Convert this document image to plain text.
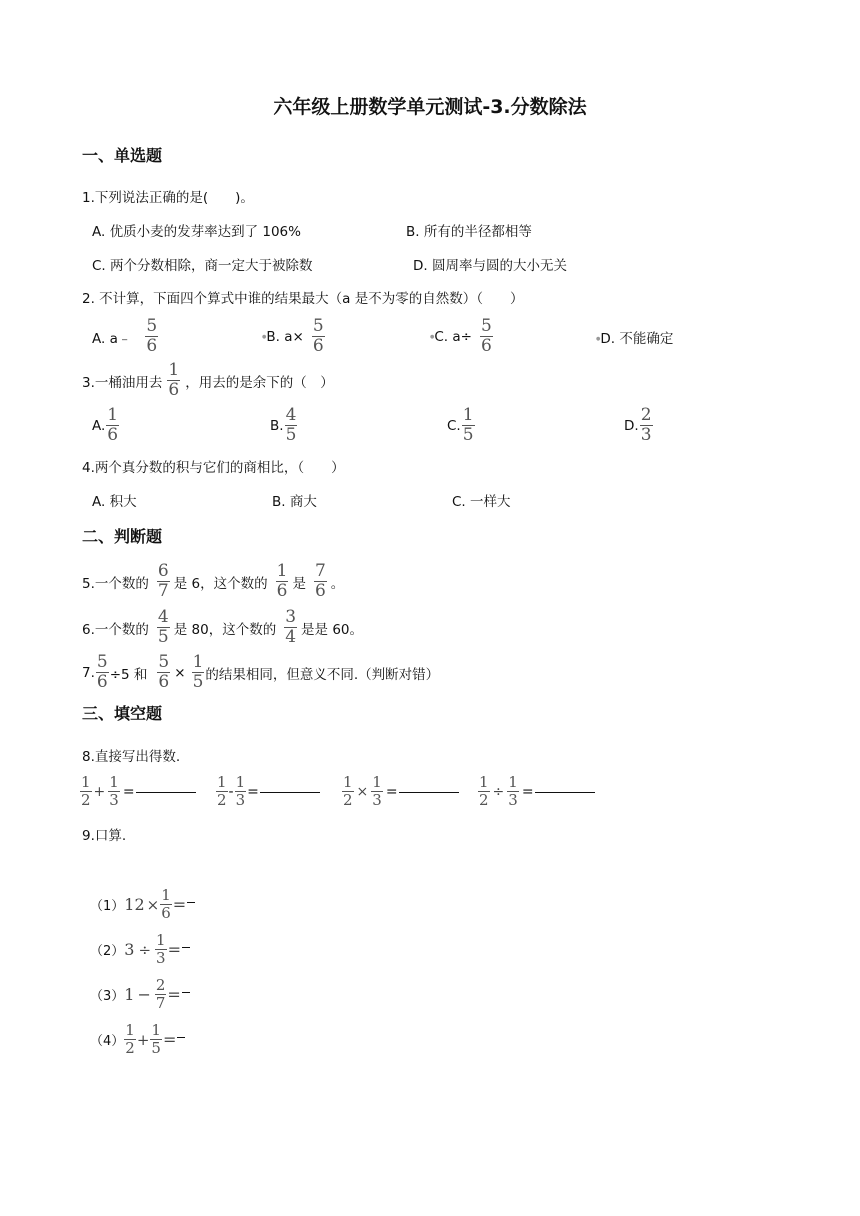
六年级上册数学单元测试-3.分数除法
一、单选题
1.下列说法正确的是(　　)。
A. 优质小麦的发芽率达到了 106%	B. 所有的半径都相等
C. 两个分数相除，商一定大于被除数	D. 圆周率与圆的大小无关
2. 不计算，下面四个算式中谁的结果最大（a 是不为零的自然数）（　　）
A. a﹣ $\frac{5}{6}$	● B. $a\times \frac{5}{6}$	● C. $a\div \frac{5}{6}$	●D. 不能确定
3.一桶油用去 $\frac{1}{6}$ ，用去的是余下的（　）
A. $\frac{1}{6}$	B. $\frac{4}{5}$	C. $\frac{1}{5}$	D. $\frac{2}{3}$
4.两个真分数的积与它们的商相比，（　　）
A. 积大	B. 商大	C. 一样大
二、判断题
5.一个数的 $\frac{6}{7}$ 是 6，这个数的 $\frac{1}{6}$ 是 $\frac{7}{6}$ 。
6.一个数的 $\frac{4}{5}$ 是 80，这个数的 $\frac{3}{4}$ 是是 60。
7. $\frac{5}{6} \div 5$ 和 $\frac{5}{6} \times \frac{1}{5}$ 的结果相同，但意义不同.（判断对错）
三、填空题
8.直接写出得数.
$\frac{1}{2} + \frac{1}{3}$ =	$\frac{1}{2} - \frac{1}{3}$ =	$\frac{1}{2} \times \frac{1}{3}$ =	$\frac{1}{2} \div \frac{1}{3}$ =
9.口算.
（1） $12 \times \frac{1}{6}$ =
（2） $3 \div \frac{1}{3}$ =
（3） $1 - \frac{2}{7}$ =
$(4) \frac{1}{2} + \frac{1}{5}$ =
